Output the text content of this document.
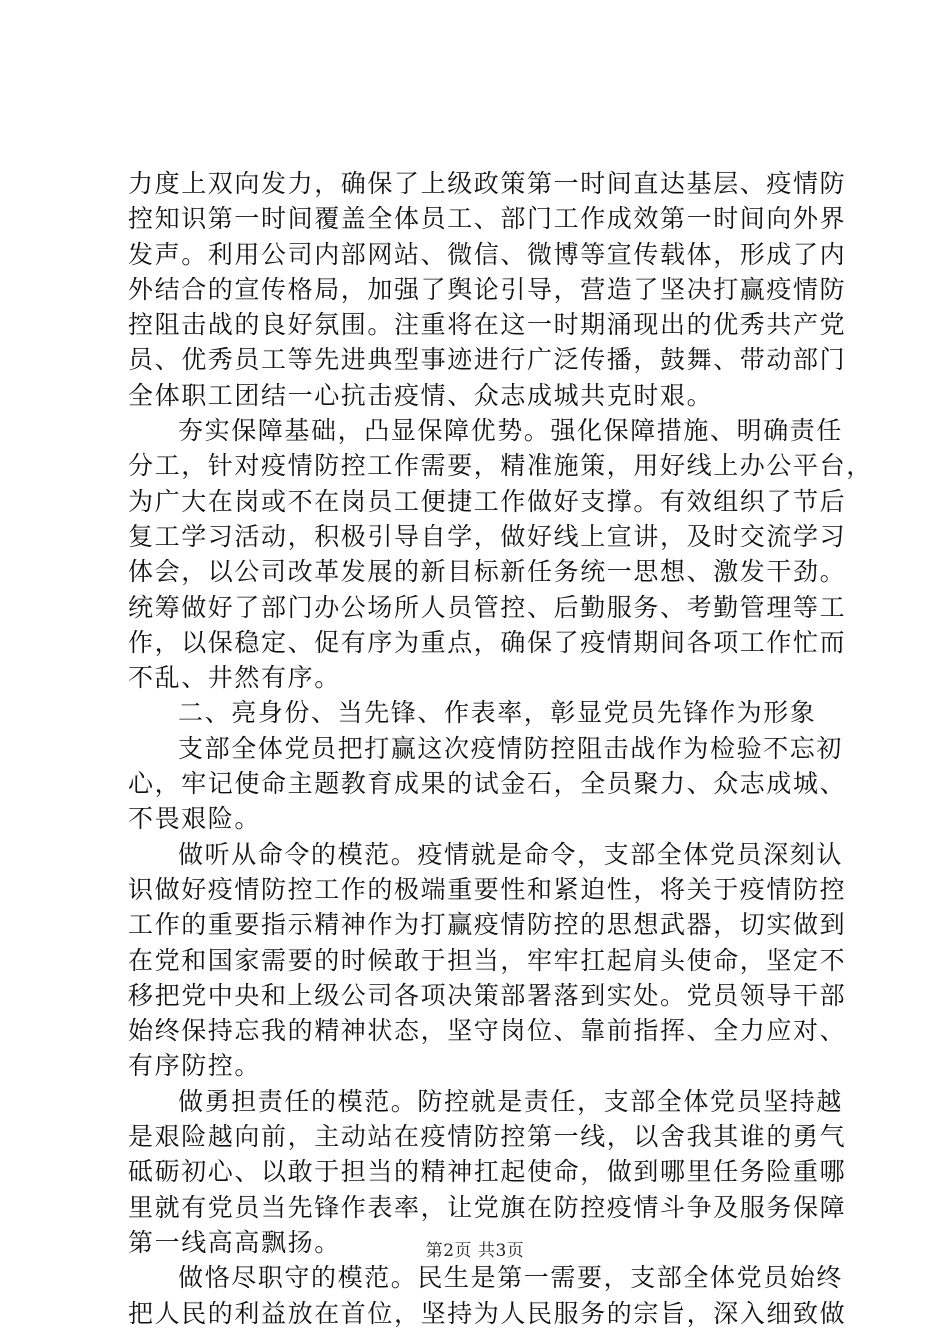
力度上双向发力，确保了上级政策第一时间直达基层、疫情防
控知识第一时间覆盖全体员工、部门工作成效第一时间向外界
发声。利用公司内部网站、微信、微博等宣传载体，形成了内
外结合的宣传格局，加强了舆论引导，营造了坚决打赢疫情防
控阻击战的良好氛围。注重将在这一时期涌现出的优秀共产党
员、优秀员工等先进典型事迹进行广泛传播，鼓舞、带动部门
全体职工团结一心抗击疫情、众志成城共克时艰。
夯实保障基础，凸显保障优势。强化保障措施、明确责任
分工，针对疫情防控工作需要，精准施策，用好线上办公平台，
为广大在岗或不在岗员工便捷工作做好支撑。有效组织了节后
复工学习活动，积极引导自学，做好线上宣讲，及时交流学习
体会，以公司改革发展的新目标新任务统一思想、激发干劲。
统筹做好了部门办公场所人员管控、后勤服务、考勤管理等工
作，以保稳定、促有序为重点，确保了疫情期间各项工作忙而
不乱、井然有序。
二、亮身份、当先锋、作表率，彰显党员先锋作为形象
支部全体党员把打赢这次疫情防控阻击战作为检验不忘初
心，牢记使命主题教育成果的试金石，全员聚力、众志成城、
不畏艰险。
做听从命令的模范。疫情就是命令，支部全体党员深刻认
识做好疫情防控工作的极端重要性和紧迫性，将关于疫情防控
工作的重要指示精神作为打赢疫情防控的思想武器，切实做到
在党和国家需要的时候敢于担当，牢牢扛起肩头使命，坚定不
移把党中央和上级公司各项决策部署落到实处。党员领导干部
始终保持忘我的精神状态，坚守岗位、靠前指挥、全力应对、
有序防控。
做勇担责任的模范。防控就是责任，支部全体党员坚持越
是艰险越向前，主动站在疫情防控第一线，以舍我其谁的勇气
砥砺初心、以敢于担当的精神扛起使命，做到哪里任务险重哪
里就有党员当先锋作表率，让党旗在防控疫情斗争及服务保障
第一线高高飘扬。
做恪尽职守的模范。民生是第一需要，支部全体党员始终
把人民的利益放在首位，坚持为人民服务的宗旨，深入细致做
第2页 共3页
